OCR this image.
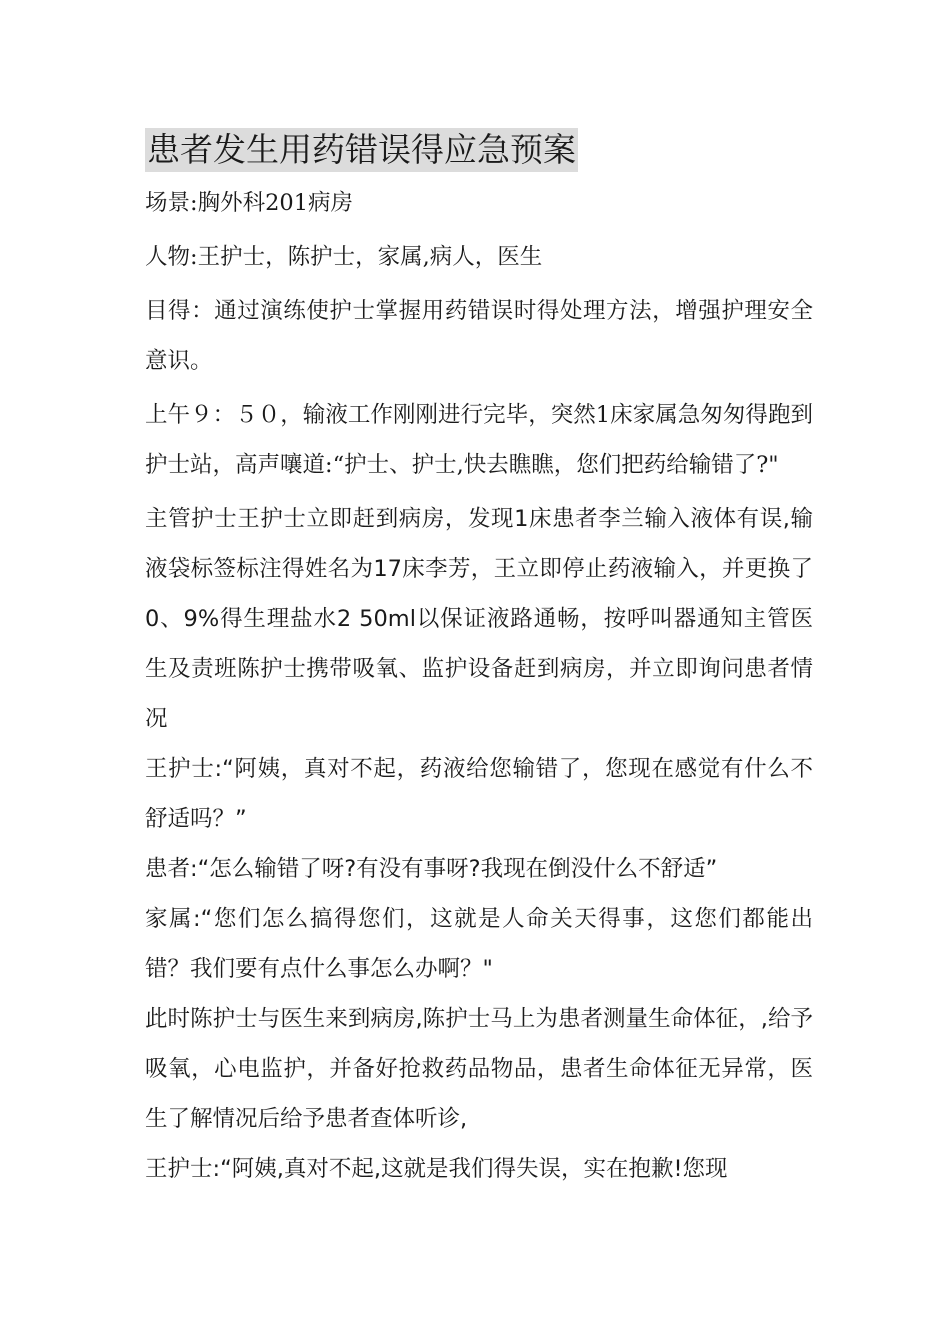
患者发生用药错误得应急预案

场景:胸外科201病房

人物:王护士，陈护士，家属,病人，医生

目得：通过演练使护士掌握用药错误时得处理方法，增强护理安全意识。

上午９：５０，输液工作刚刚进行完毕，突然1床家属急匆匆得跑到护士站，高声嚷道:“护士、护士,快去瞧瞧，您们把药给输错了?"

主管护士王护士立即赶到病房，发现1床患者李兰输入液体有误,输液袋标签标注得姓名为17床李芳，王立即停止药液输入，并更换了0、9%得生理盐水2 50ml以保证液路通畅，按呼叫器通知主管医生及责班陈护士携带吸氧、监护设备赶到病房，并立即询问患者情况

王护士:“阿姨，真对不起，药液给您输错了，您现在感觉有什么不舒适吗？”

患者:“怎么输错了呀?有没有事呀?我现在倒没什么不舒适”

家属:“您们怎么搞得您们，这就是人命关天得事，这您们都能出错？我们要有点什么事怎么办啊？"

此时陈护士与医生来到病房,陈护士马上为患者测量生命体征，,给予吸氧，心电监护，并备好抢救药品物品，患者生命体征无异常，医生了解情况后给予患者查体听诊,

王护士:“阿姨,真对不起,这就是我们得失误，实在抱歉!您现
